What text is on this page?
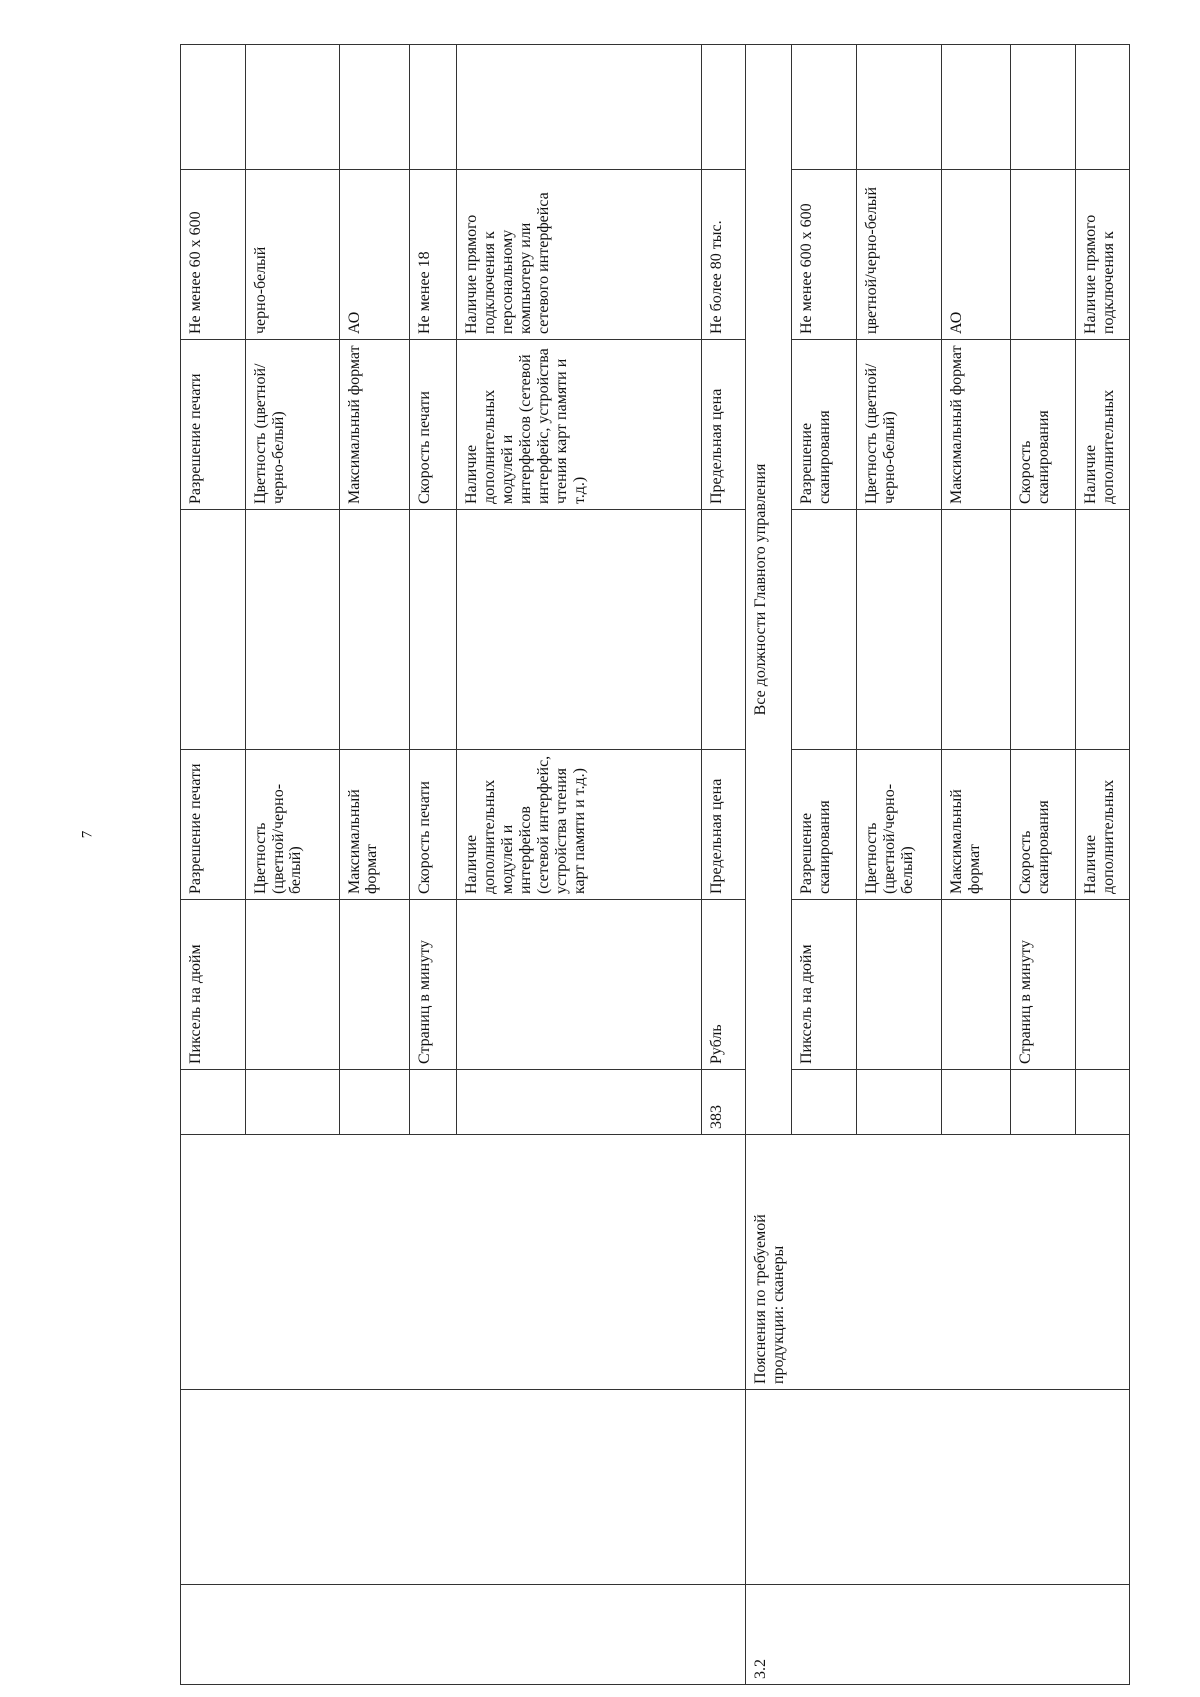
7
				Пиксель на дюйм	Разрешение печати		Разрешение печати	Не менее 60 х 600	
					Цветность (цветной/черно-белый)		Цветность (цветной/черно-белый)	черно-белый	
					Максимальный формат		Максимальный формат	АО	
				Страниц в минуту	Скорость печати		Скорость печати	Не менее 18	
					Наличие дополнительных модулей и интерфейсов (сетевой интерфейс, устройства чтения карт памяти и т.д.)		Наличие дополнительных модулей и интерфейсов (сетевой интерфейс, устройства чтения карт памяти и т.д.)	Наличие прямого подключения к персональному компьютеру или сетевого интерфейса	
			383	Рубль	Предельная цена		Предельная цена	Не более 80 тыс.	
3.2		Пояснения по требуемой продукции: сканеры	Все должности Главного управления						
				Пиксель на дюйм	Разрешение сканирования		Разрешение сканирования	Не менее 600 х 600	
					Цветность (цветной/черно-белый)		Цветность (цветной/черно-белый)	цветной/черно-белый	
					Максимальный формат		Максимальный формат	АО	
				Страниц в минуту	Скорость сканирования		Скорость сканирования		
					Наличие дополнительных		Наличие дополнительных	Наличие прямого подключения к	
